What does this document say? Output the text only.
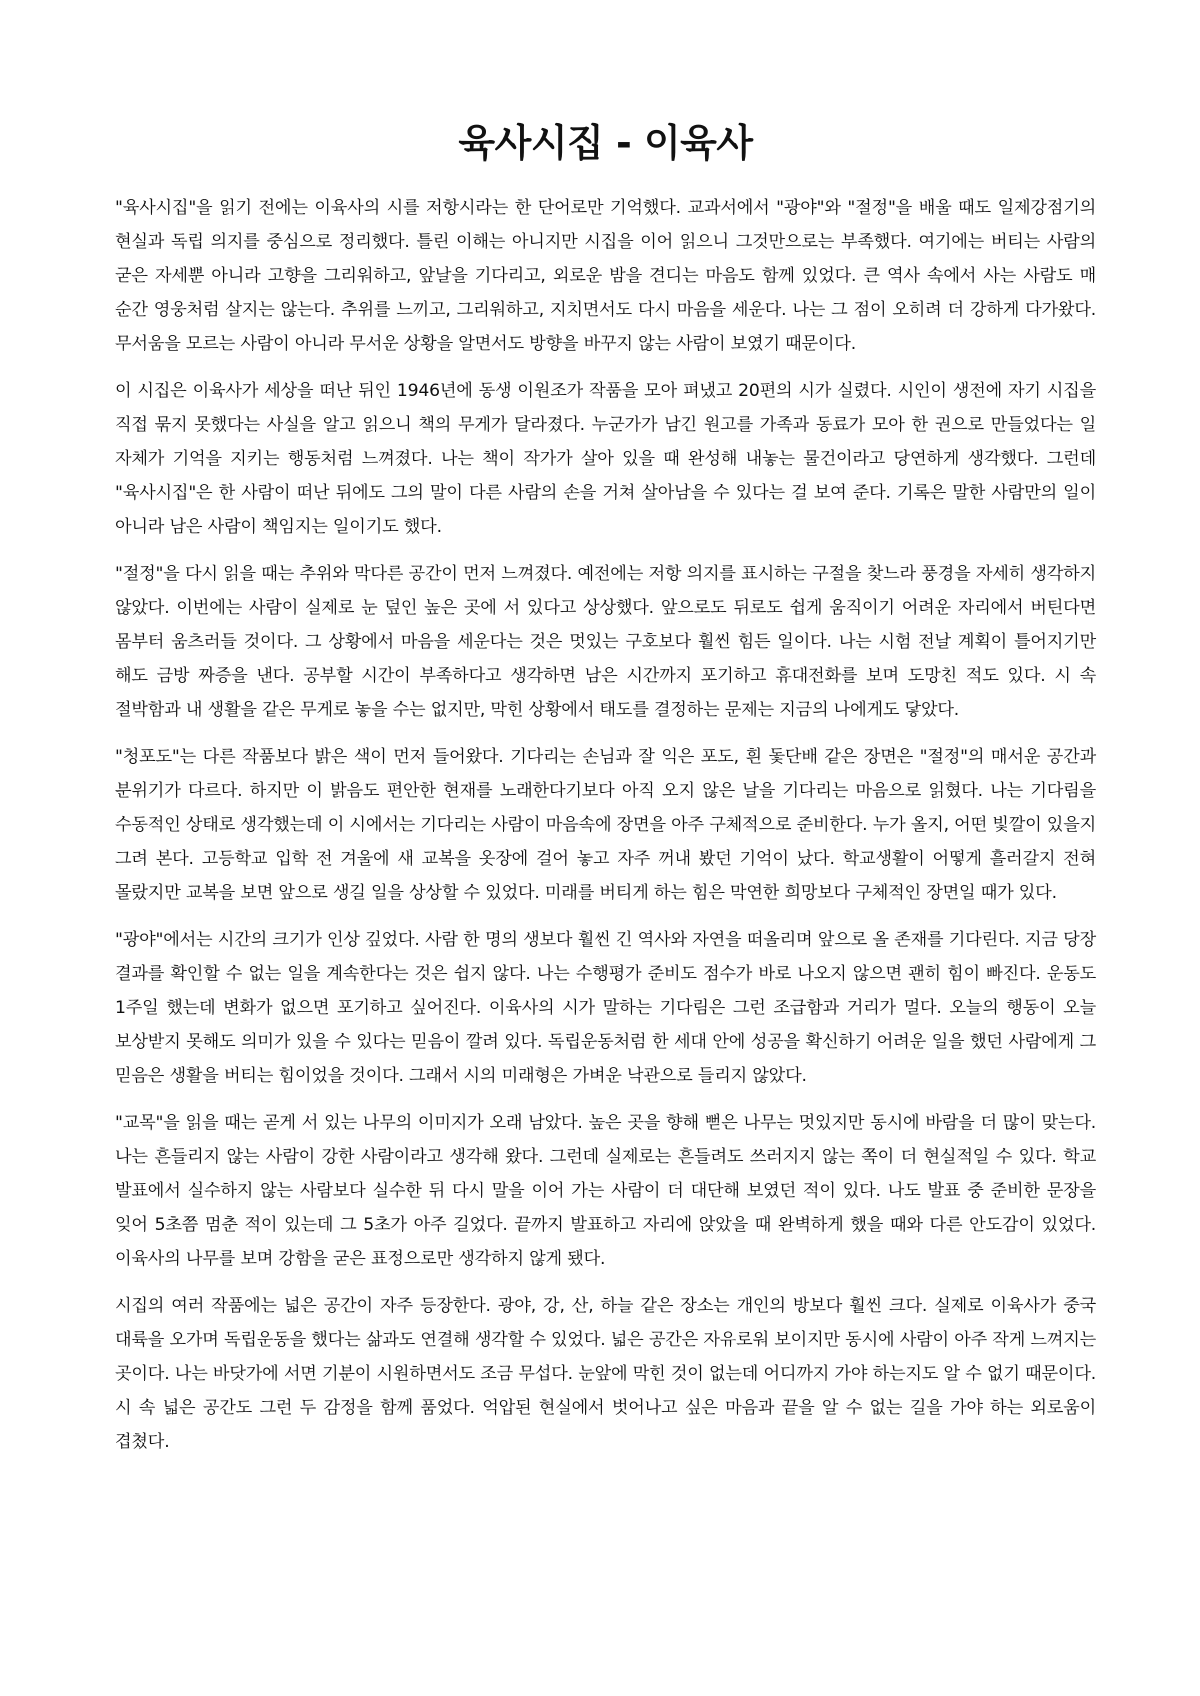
육사시집 - 이육사

"육사시집"을 읽기 전에는 이육사의 시를 저항시라는 한 단어로만 기억했다. 교과서에서 "광야"와 "절정"을 배울 때도 일제강점기의 현실과 독립 의지를 중심으로 정리했다. 틀린 이해는 아니지만 시집을 이어 읽으니 그것만으로는 부족했다. 여기에는 버티는 사람의 굳은 자세뿐 아니라 고향을 그리워하고, 앞날을 기다리고, 외로운 밤을 견디는 마음도 함께 있었다. 큰 역사 속에서 사는 사람도 매 순간 영웅처럼 살지는 않는다. 추위를 느끼고, 그리워하고, 지치면서도 다시 마음을 세운다. 나는 그 점이 오히려 더 강하게 다가왔다. 무서움을 모르는 사람이 아니라 무서운 상황을 알면서도 방향을 바꾸지 않는 사람이 보였기 때문이다.

이 시집은 이육사가 세상을 떠난 뒤인 1946년에 동생 이원조가 작품을 모아 펴냈고 20편의 시가 실렸다. 시인이 생전에 자기 시집을 직접 묶지 못했다는 사실을 알고 읽으니 책의 무게가 달라졌다. 누군가가 남긴 원고를 가족과 동료가 모아 한 권으로 만들었다는 일 자체가 기억을 지키는 행동처럼 느껴졌다. 나는 책이 작가가 살아 있을 때 완성해 내놓는 물건이라고 당연하게 생각했다. 그런데 "육사시집"은 한 사람이 떠난 뒤에도 그의 말이 다른 사람의 손을 거쳐 살아남을 수 있다는 걸 보여 준다. 기록은 말한 사람만의 일이 아니라 남은 사람이 책임지는 일이기도 했다.

"절정"을 다시 읽을 때는 추위와 막다른 공간이 먼저 느껴졌다. 예전에는 저항 의지를 표시하는 구절을 찾느라 풍경을 자세히 생각하지 않았다. 이번에는 사람이 실제로 눈 덮인 높은 곳에 서 있다고 상상했다. 앞으로도 뒤로도 쉽게 움직이기 어려운 자리에서 버틴다면 몸부터 움츠러들 것이다. 그 상황에서 마음을 세운다는 것은 멋있는 구호보다 훨씬 힘든 일이다. 나는 시험 전날 계획이 틀어지기만 해도 금방 짜증을 낸다. 공부할 시간이 부족하다고 생각하면 남은 시간까지 포기하고 휴대전화를 보며 도망친 적도 있다. 시 속 절박함과 내 생활을 같은 무게로 놓을 수는 없지만, 막힌 상황에서 태도를 결정하는 문제는 지금의 나에게도 닿았다.

"청포도"는 다른 작품보다 밝은 색이 먼저 들어왔다. 기다리는 손님과 잘 익은 포도, 흰 돛단배 같은 장면은 "절정"의 매서운 공간과 분위기가 다르다. 하지만 이 밝음도 편안한 현재를 노래한다기보다 아직 오지 않은 날을 기다리는 마음으로 읽혔다. 나는 기다림을 수동적인 상태로 생각했는데 이 시에서는 기다리는 사람이 마음속에 장면을 아주 구체적으로 준비한다. 누가 올지, 어떤 빛깔이 있을지 그려 본다. 고등학교 입학 전 겨울에 새 교복을 옷장에 걸어 놓고 자주 꺼내 봤던 기억이 났다. 학교생활이 어떻게 흘러갈지 전혀 몰랐지만 교복을 보면 앞으로 생길 일을 상상할 수 있었다. 미래를 버티게 하는 힘은 막연한 희망보다 구체적인 장면일 때가 있다.

"광야"에서는 시간의 크기가 인상 깊었다. 사람 한 명의 생보다 훨씬 긴 역사와 자연을 떠올리며 앞으로 올 존재를 기다린다. 지금 당장 결과를 확인할 수 없는 일을 계속한다는 것은 쉽지 않다. 나는 수행평가 준비도 점수가 바로 나오지 않으면 괜히 힘이 빠진다. 운동도 1주일 했는데 변화가 없으면 포기하고 싶어진다. 이육사의 시가 말하는 기다림은 그런 조급함과 거리가 멀다. 오늘의 행동이 오늘 보상받지 못해도 의미가 있을 수 있다는 믿음이 깔려 있다. 독립운동처럼 한 세대 안에 성공을 확신하기 어려운 일을 했던 사람에게 그 믿음은 생활을 버티는 힘이었을 것이다. 그래서 시의 미래형은 가벼운 낙관으로 들리지 않았다.

"교목"을 읽을 때는 곧게 서 있는 나무의 이미지가 오래 남았다. 높은 곳을 향해 뻗은 나무는 멋있지만 동시에 바람을 더 많이 맞는다. 나는 흔들리지 않는 사람이 강한 사람이라고 생각해 왔다. 그런데 실제로는 흔들려도 쓰러지지 않는 쪽이 더 현실적일 수 있다. 학교 발표에서 실수하지 않는 사람보다 실수한 뒤 다시 말을 이어 가는 사람이 더 대단해 보였던 적이 있다. 나도 발표 중 준비한 문장을 잊어 5초쯤 멈춘 적이 있는데 그 5초가 아주 길었다. 끝까지 발표하고 자리에 앉았을 때 완벽하게 했을 때와 다른 안도감이 있었다. 이육사의 나무를 보며 강함을 굳은 표정으로만 생각하지 않게 됐다.

시집의 여러 작품에는 넓은 공간이 자주 등장한다. 광야, 강, 산, 하늘 같은 장소는 개인의 방보다 훨씬 크다. 실제로 이육사가 중국 대륙을 오가며 독립운동을 했다는 삶과도 연결해 생각할 수 있었다. 넓은 공간은 자유로워 보이지만 동시에 사람이 아주 작게 느껴지는 곳이다. 나는 바닷가에 서면 기분이 시원하면서도 조금 무섭다. 눈앞에 막힌 것이 없는데 어디까지 가야 하는지도 알 수 없기 때문이다. 시 속 넓은 공간도 그런 두 감정을 함께 품었다. 억압된 현실에서 벗어나고 싶은 마음과 끝을 알 수 없는 길을 가야 하는 외로움이 겹쳤다.
